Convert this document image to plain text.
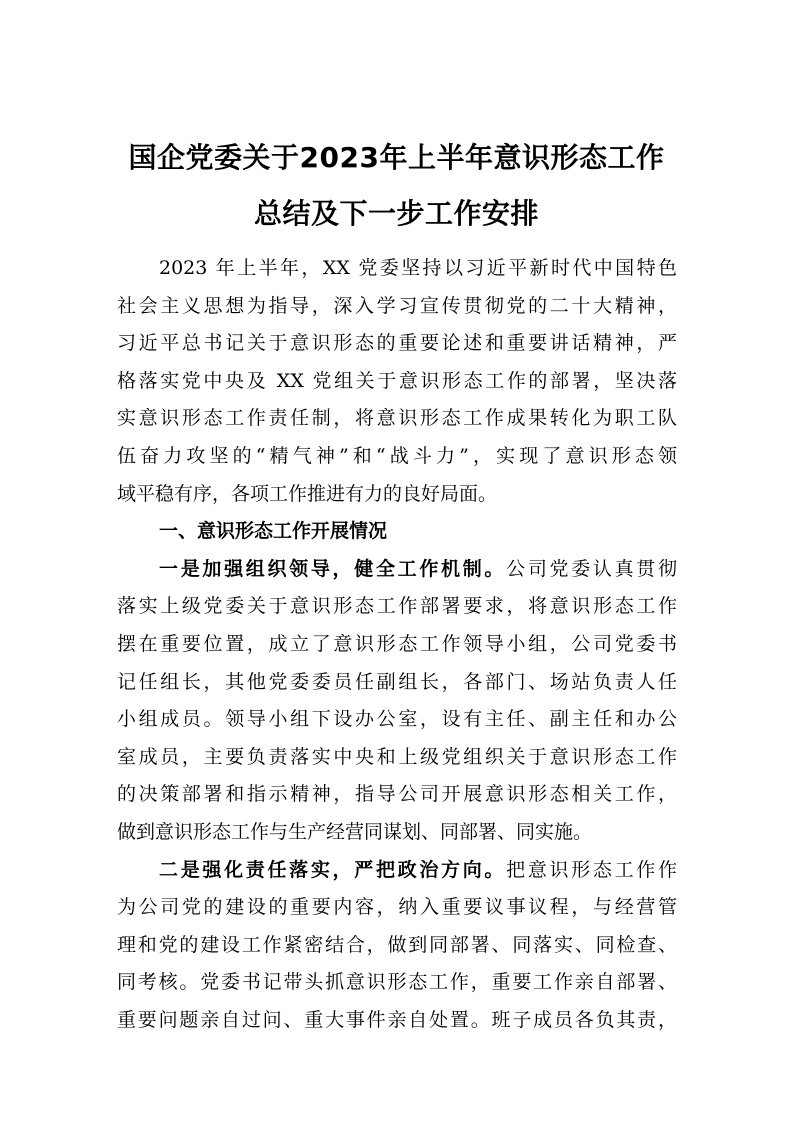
国企党委关于2023年上半年意识形态工作
总结及下一步工作安排
2023 年上半年，XX 党委坚持以习近平新时代中国特色
社会主义思想为指导，深入学习宣传贯彻党的二十大精神，
习近平总书记关于意识形态的重要论述和重要讲话精神，严
格落实党中央及 XX 党组关于意识形态工作的部署，坚决落
实意识形态工作责任制，将意识形态工作成果转化为职工队
伍奋力攻坚的“精气神”和“战斗力”，实现了意识形态领
域平稳有序，各项工作推进有力的良好局面。
一、意识形态工作开展情况
一是加强组织领导，健全工作机制。公司党委认真贯彻
落实上级党委关于意识形态工作部署要求，将意识形态工作
摆在重要位置，成立了意识形态工作领导小组，公司党委书
记任组长，其他党委委员任副组长，各部门、场站负责人任
小组成员。领导小组下设办公室，设有主任、副主任和办公
室成员，主要负责落实中央和上级党组织关于意识形态工作
的决策部署和指示精神，指导公司开展意识形态相关工作，
做到意识形态工作与生产经营同谋划、同部署、同实施。
二是强化责任落实，严把政治方向。把意识形态工作作
为公司党的建设的重要内容，纳入重要议事议程，与经营管
理和党的建设工作紧密结合，做到同部署、同落实、同检查、
同考核。党委书记带头抓意识形态工作，重要工作亲自部署、
重要问题亲自过问、重大事件亲自处置。班子成员各负其责，
